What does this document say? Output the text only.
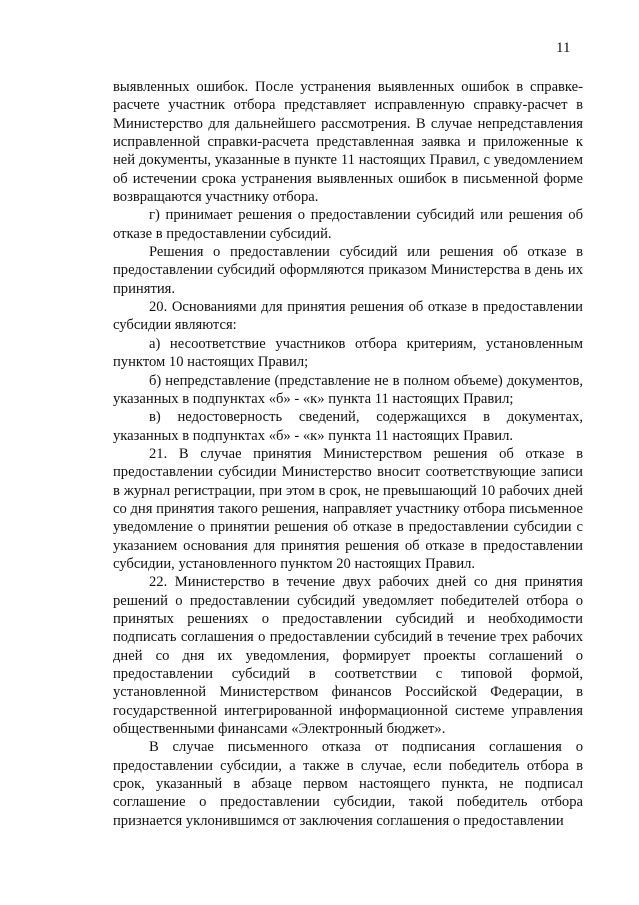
11

выявленных ошибок. После устранения выявленных ошибок в справке-расчете участник отбора представляет исправленную справку-расчет в Министерство для дальнейшего рассмотрения. В случае непредставления исправленной справки-расчета представленная заявка и приложенные к ней документы, указанные в пункте 11 настоящих Правил, с уведомлением об истечении срока устранения выявленных ошибок в письменной форме возвращаются участнику отбора.

г) принимает решения о предоставлении субсидий или решения об отказе в предоставлении субсидий.

Решения о предоставлении субсидий или решения об отказе в предоставлении субсидий оформляются приказом Министерства в день их принятия.

20. Основаниями для принятия решения об отказе в предоставлении субсидии являются:

а) несоответствие участников отбора критериям, установленным пунктом 10 настоящих Правил;

б) непредставление (представление не в полном объеме) документов, указанных в подпунктах «б» - «к» пункта 11 настоящих Правил;

в) недостоверность сведений, содержащихся в документах, указанных в подпунктах «б» - «к» пункта 11 настоящих Правил.

21. В случае принятия Министерством решения об отказе в предоставлении субсидии Министерство вносит соответствующие записи в журнал регистрации, при этом в срок, не превышающий 10 рабочих дней со дня принятия такого решения, направляет участнику отбора письменное уведомление о принятии решения об отказе в предоставлении субсидии с указанием основания для принятия решения об отказе в предоставлении субсидии, установленного пунктом 20 настоящих Правил.

22. Министерство в течение двух рабочих дней со дня принятия решений о предоставлении субсидий уведомляет победителей отбора о принятых решениях о предоставлении субсидий и необходимости подписать соглашения о предоставлении субсидий в течение трех рабочих дней со дня их уведомления, формирует проекты соглашений о предоставлении субсидий в соответствии с типовой формой, установленной Министерством финансов Российской Федерации, в государственной интегрированной информационной системе управления общественными финансами «Электронный бюджет».

В случае письменного отказа от подписания соглашения о предоставлении субсидии, а также в случае, если победитель отбора в срок, указанный в абзаце первом настоящего пункта, не подписал соглашение о предоставлении субсидии, такой победитель отбора признается уклонившимся от заключения соглашения о предоставлении
